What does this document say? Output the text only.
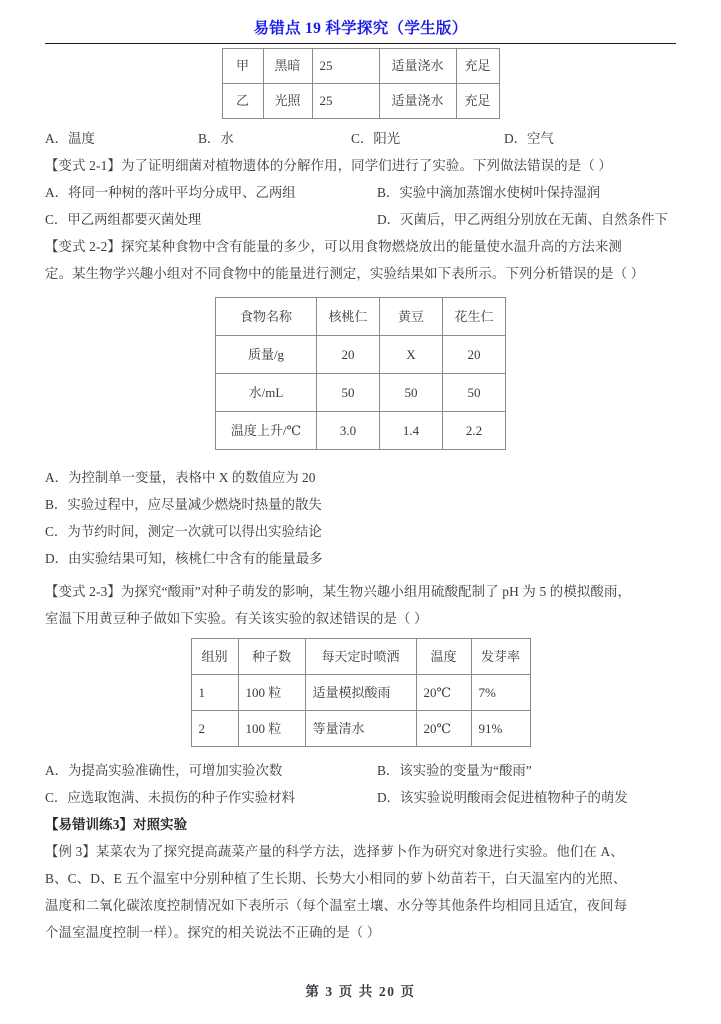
易错点 19 科学探究（学生版）
甲	黑暗	25	适量浇水	充足
乙	光照	25	适量浇水	充足
A．温度	B．水	C．阳光	D．空气

【变式 2-1】为了证明细菌对植物遗体的分解作用，同学们进行了实验。下列做法错误的是（ ）

A．将同一种树的落叶平均分成甲、乙两组	B．实验中滴加蒸馏水使树叶保持湿润
C．甲乙两组都要灭菌处理	D．灭菌后，甲乙两组分别放在无菌、自然条件下

【变式 2-2】探究某种食物中含有能量的多少，可以用食物燃烧放出的能量使水温升高的方法来测

定。某生物学兴趣小组对不同食物中的能量进行测定，实验结果如下表所示。下列分析错误的是（ ）

食物名称	核桃仁	黄豆	花生仁
质量/g	20	X	20
水/mL	50	50	50
温度上升/℃	3.0	1.4	2.2
A．为控制单一变量，表格中 X 的数值应为 20
B．实验过程中，应尽量减少燃烧时热量的散失
C．为节约时间，测定一次就可以得出实验结论
D．由实验结果可知，核桃仁中含有的能量最多

【变式 2-3】为探究“酸雨”对种子萌发的影响，某生物兴趣小组用硫酸配制了 pH 为 5 的模拟酸雨，

室温下用黄豆种子做如下实验。有关该实验的叙述错误的是（ ）

组别	种子数	每天定时喷洒	温度	发芽率
1	100 粒	适量模拟酸雨	20℃	7%
2	100 粒	等量清水	20℃	91%
A．为提高实验准确性，可增加实验次数	B．该实验的变量为“酸雨”
C．应选取饱满、未损伤的种子作实验材料	D．该实验说明酸雨会促进植物种子的萌发

【易错训练3】对照实验

【例 3】某菜农为了探究提高蔬菜产量的科学方法，选择萝卜作为研究对象进行实验。他们在 A、

B、C、D、E 五个温室中分别种植了生长期、长势大小相同的萝卜幼苗若干，白天温室内的光照、

温度和二氧化碳浓度控制情况如下表所示（每个温室土壤、水分等其他条件均相同且适宜，夜间每

个温室温度控制一样）。探究的相关说法不正确的是（ ）

第 3 页 共 20 页
